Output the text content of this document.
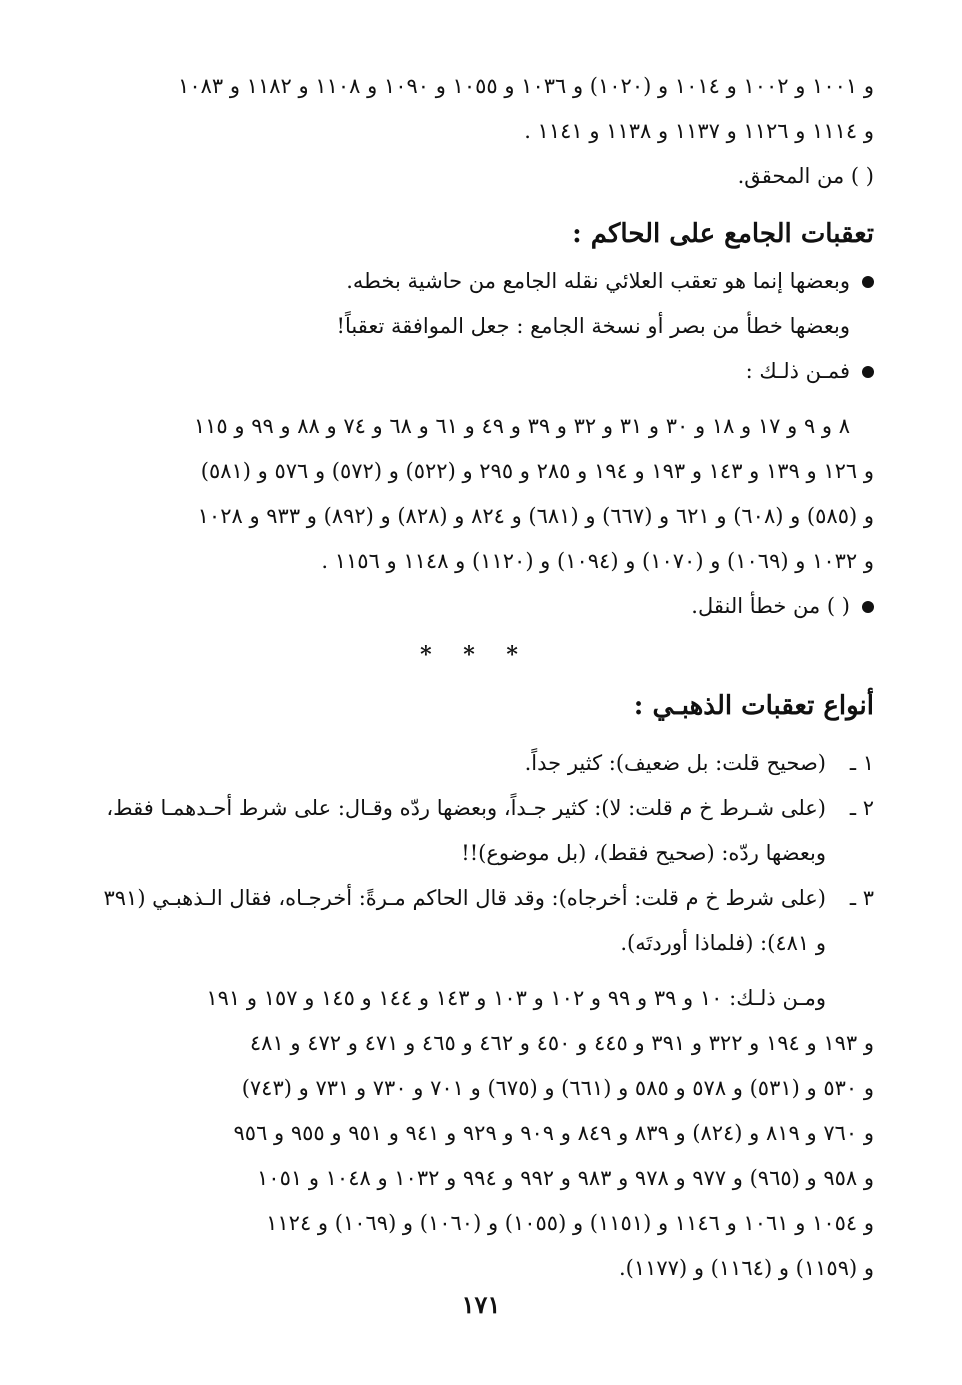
و ١٠٠١ و ١٠٠٢ و ١٠١٤ و (١٠٢٠) و ١٠٣٦ و ١٠٥٥ و ١٠٩٠ و ١١٠٨ و ١١٨٢ و ١٠٨٣
و ١١١٤ و ١١٢٦ و ١١٣٧ و ١١٣٨ و ١١٤١ .
( ) من المحقق.
تعقبات الجامع على الحاكم :
وبعضها إنما هو تعقب العلائي نقله الجامع من حاشية بخطه.
وبعضها خطأ من بصر أو نسخة الجامع : جعل الموافقة تعقباً!
فمـن ذلـك :
٨ و ٩ و ١٧ و ١٨ و ٣٠ و ٣١ و ٣٢ و ٣٩ و ٤٩ و ٦١ و ٦٨ و ٧٤ و ٨٨ و ٩٩ و ١١٥
و ١٢٦ و ١٣٩ و ١٤٣ و ١٩٣ و ١٩٤ و ٢٨٥ و ٢٩٥ و (٥٢٢) و (٥٧٢) و ٥٧٦ و (٥٨١)
و (٥٨٥) و (٦٠٨) و ٦٢١ و (٦٦٧) و (٦٨١) و ٨٢٤ و (٨٢٨) و (٨٩٢) و ٩٣٣ و ١٠٢٨
و ١٠٣٢ و (١٠٦٩) و (١٠٧٠) و (١٠٩٤) و (١١٢٠) و ١١٤٨ و ١١٥٦ .
( ) من خطأ النقل.
* * *
أنواع تعقبات الذهبـي :
١ ـ
(صحيح قلت: بل ضعيف): كثير جداً.
٢ ـ
(على شـرط خ م قلت: لا): كثير جـداً، وبعضها ردّه وقـال: على شرط أحـدهمـا فقط،
وبعضها ردّه: (صحيح فقط)، (بل موضوع)!!
٣ ـ
(على شرط خ م قلت: أخرجاه): وقد قال الحاكم مـرةً: أخرجـاه، فقال الـذهبـي (٣٩١
و ٤٨١): (فلماذا أوردتَه).
ومـن ذلـك: ١٠ و ٣٩ و ٩٩ و ١٠٢ و ١٠٣ و ١٤٣ و ١٤٤ و ١٤٥ و ١٥٧ و ١٩١
و ١٩٣ و ١٩٤ و ٣٢٢ و ٣٩١ و ٤٤٥ و ٤٥٠ و ٤٦٢ و ٤٦٥ و ٤٧١ و ٤٧٢ و ٤٨١
و ٥٣٠ و (٥٣١) و ٥٧٨ و ٥٨٥ و (٦٦١) و (٦٧٥) و ٧٠١ و ٧٣٠ و ٧٣١ و (٧٤٣)
و ٧٦٠ و ٨١٩ و (٨٢٤) و ٨٣٩ و ٨٤٩ و ٩٠٩ و ٩٢٩ و ٩٤١ و ٩٥١ و ٩٥٥ و ٩٥٦
و ٩٥٨ و (٩٦٥) و ٩٧٧ و ٩٧٨ و ٩٨٣ و ٩٩٢ و ٩٩٤ و ١٠٣٢ و ١٠٤٨ و ١٠٥١
و ١٠٥٤ و ١٠٦١ و ١١٤٦ و (١١٥١) و (١٠٥٥) و (١٠٦٠) و (١٠٦٩) و ١١٢٤
و (١١٥٩) و (١١٦٤) و (١١٧٧).
١٧١
